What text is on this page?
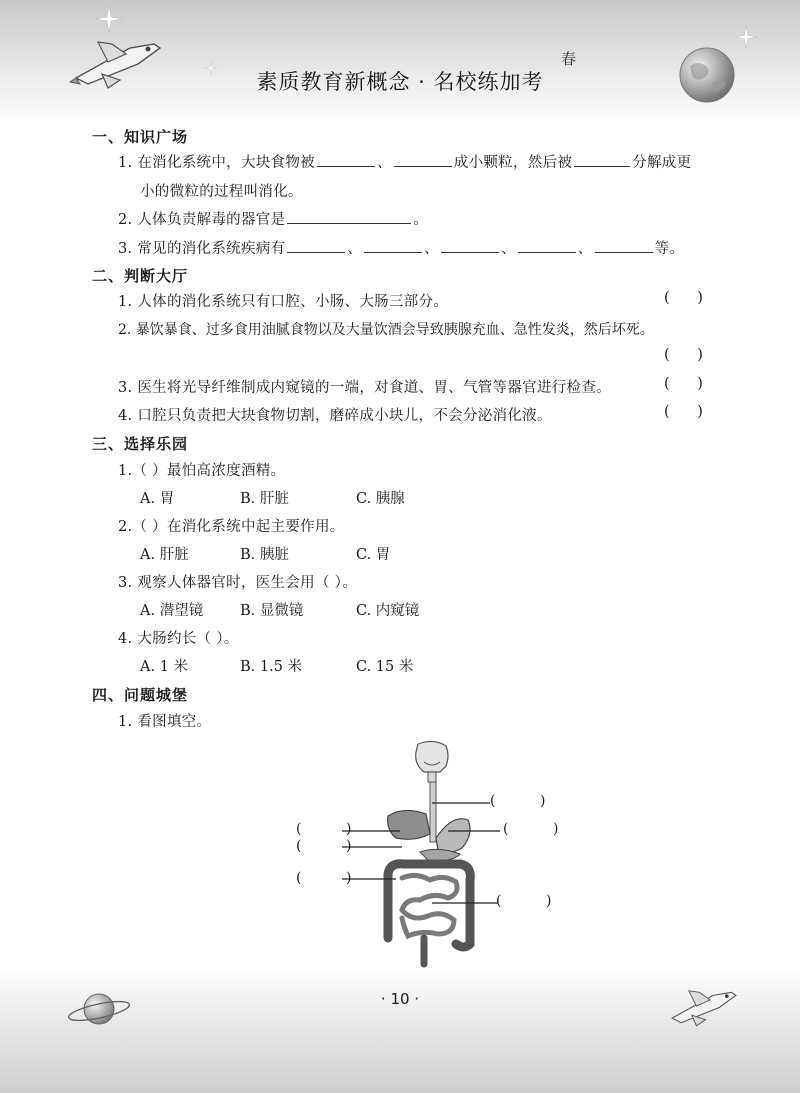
素质教育新概念 · 名校练加考
春
一、知识广场
1. 在消化系统中，大块食物被	、	成小颗粒，然后被	分解成更
小的微粒的过程叫消化。
2. 人体负责解毒的器官是	。
3. 常见的消化系统疾病有	、	、	、	、	等。
二、判断大厅
1. 人体的消化系统只有口腔、小肠、大肠三部分。	(      )
2. 暴饮暴食、过多食用油腻食物以及大量饮酒会导致胰腺充血、急性发炎，然后坏死。
(      )
3. 医生将光导纤维制成内窥镜的一端，对食道、胃、气管等器官进行检查。	(      )
4. 口腔只负责把大块食物切割，磨碎成小块儿，不会分泌消化液。	(      )
三、选择乐园
1.（ ）最怕高浓度酒精。
A. 胃	B. 肝脏	C. 胰腺
2.（ ）在消化系统中起主要作用。
A. 肝脏	B. 胰脏	C. 胃
3. 观察人体器官时，医生会用（ ）。
A. 潜望镜	B. 显微镜	C. 内窥镜
4. 大肠约长（ ）。
A. 1 米	B. 1.5 米	C. 15 米
四、问题城堡
1. 看图填空。
(          )
(          )
(          )
(          )
(          )
(          )
· 10 ·
